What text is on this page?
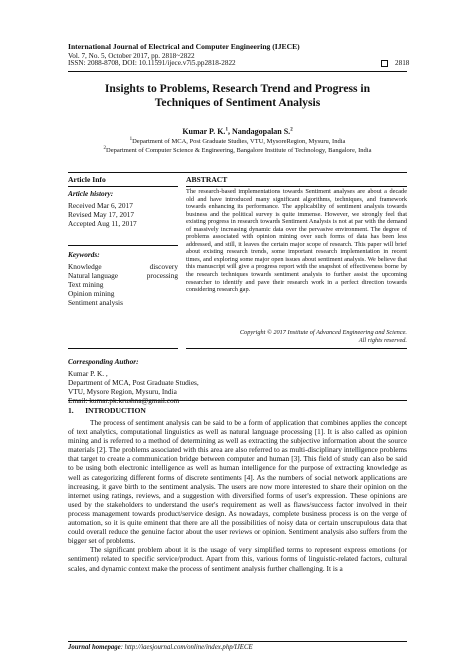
International Journal of Electrical and Computer Engineering (IJECE)
Vol. 7, No. 5, October 2017, pp. 2818~2822
ISSN: 2088-8708, DOI: 10.11591/ijece.v7i5.pp2818-2822	2818
Insights to Problems, Research Trend and Progress in
Techniques of Sentiment Analysis
Kumar P. K.$^1$, Nandagopalan S.$^2$
$^1$Department of MCA, Post Graduate Studies, VTU, MysoreRegion, Mysuru, India
$^2$Department of Computer Science & Engineering, Bangalore Institute of Technology, Bangalore, India
Article Info
Article history:
Received Mar 6, 2017
Revised May 17, 2017
Accepted Aug 11, 2017
Keywords:
Knowledge discovery
Natural language	processing
Text mining
Opinion mining
Sentiment analysis
ABSTRACT
The research-based implementations towards Sentiment analyses are about a decade old and have introduced many significant algorithms, techniques, and framework towards enhancing its performance. The applicability of sentiment analysis towards business and the political survey is quite immense. However, we strongly feel that existing progress in research towards Sentiment Analysis is not at par with the demand of massively increasing dynamic data over the pervasive environment. The degree of problems associated with opinion mining over such forms of data has been less addressed, and still, it leaves the certain major scope of research. This paper will brief about existing research trends, some important research implementation in recent times, and exploring some major open issues about sentiment analysis. We believe that this manuscript will give a progress report with the snapshot of effectiveness borne by the research techniques towards sentiment analysis to further assist the upcoming researcher to identify and pave their research work in a perfect direction towards considering research gap.
Copyright © 2017 Institute of Advanced Engineering and Science.
All rights reserved.
Corresponding Author:
Kumar P. K. ,
Department of MCA, Post Graduate Studies,
VTU, Mysore Region, Mysuru, India
1.      INTRODUCTION

The process of sentiment analysis can be said to be a form of application that combines applies the concept of text analytics, computational linguistics as well as natural language processing [1]. It is also called as opinion mining and is referred to a method of determining as well as extracting the subjective information about the source materials [2]. The problems associated with this area are also referred to as multi-disciplinary intelligence problems that target to create a communication bridge between computer and human [3]. This field of study can also be said to be using both electronic intelligence as well as human intelligence for the purpose of extracting knowledge as well as categorizing different forms of discrete sentiments [4]. As the numbers of social network applications are increasing, it gave birth to the sentiment analysis. The users are now more interested to share their opinion on the internet using ratings, reviews, and a suggestion with diversified forms of user's expression. These opinions are used by the stakeholders to understand the user's requirement as well as flaws/success factor involved in their process management towards product/service design. As nowadays, complete business process is on the verge of automation, so it is quite eminent that there are all the possibilities of noisy data or certain unscrupulous data that could overall reduce the genuine factor about the user reviews or opinion. Sentiment analysis also suffers from the bigger set of problems.

The significant problem about it is the usage of very simplified terms to represent express emotions (or sentiment) related to specific service/product. Apart from this, various forms of linguistic-related factors, cultural scales, and dynamic context make the process of sentiment analysis further challenging. It is a

Journal homepage: http://iaesjournal.com/online/index.php/IJECE
